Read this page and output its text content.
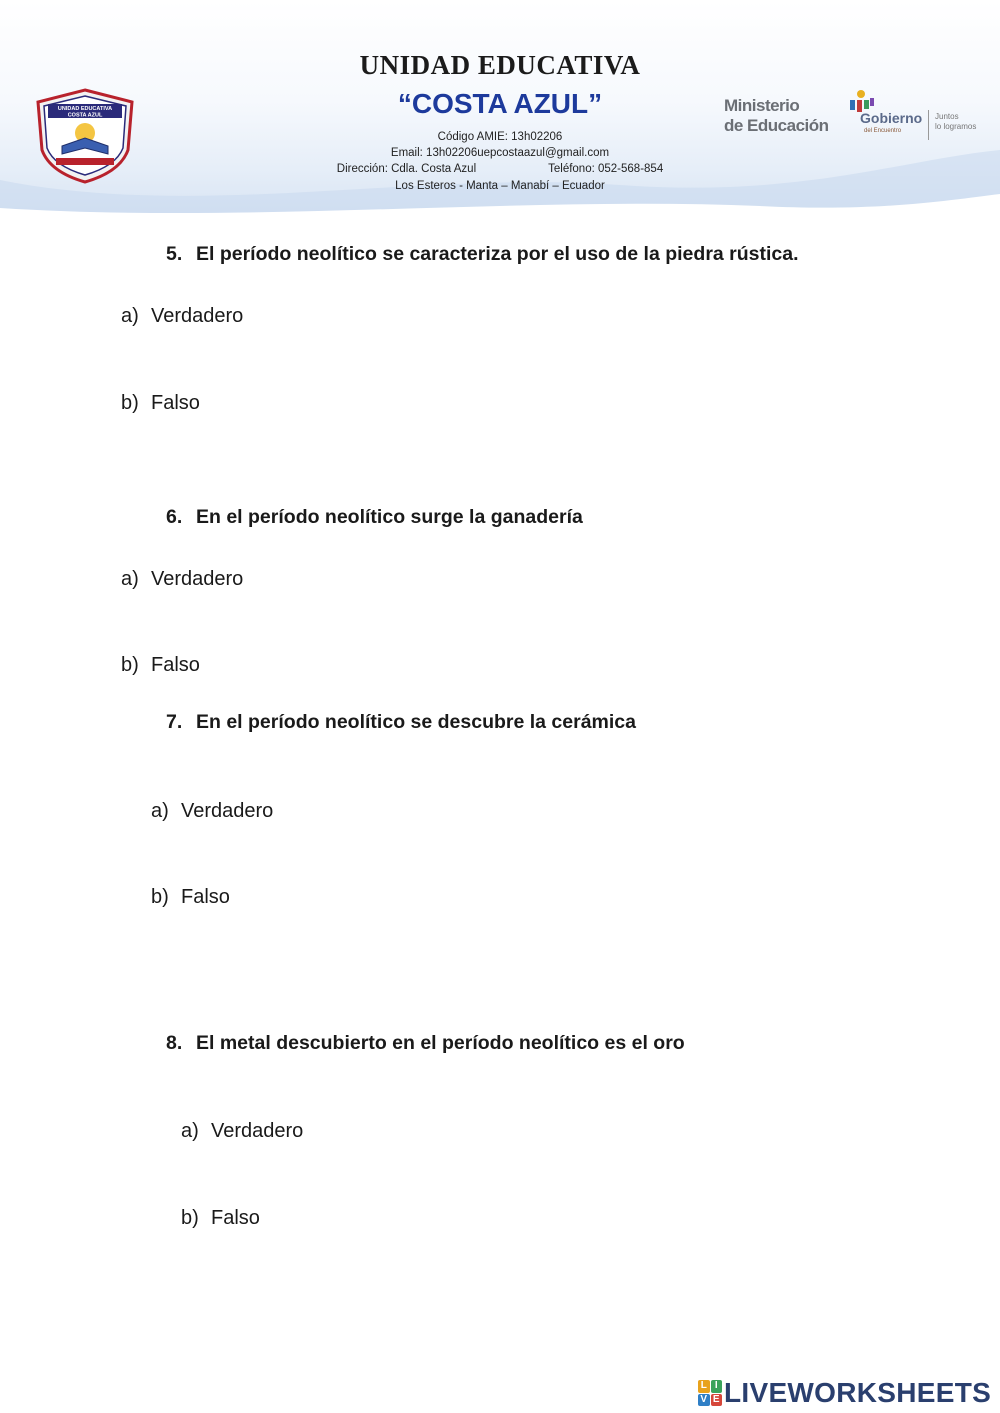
UNIDAD EDUCATIVA
COSTA AZUL
UNIDAD EDUCATIVA
“COSTA AZUL”
Código AMIE: 13h02206
Email: 13h02206uepcostaazul@gmail.com
Dirección: Cdla. Costa Azul	Teléfono: 052-568-854
Los Esteros - Manta – Manabí – Ecuador
Ministerio
de Educación Gobierno
del Encuentro
Juntos
lo logramos
5. El período neolítico se caracteriza por el uso de la piedra rústica.
a) Verdadero
b) Falso
6. En el período neolítico surge la ganadería
a) Verdadero
b) Falso
7. En el período neolítico se descubre la cerámica
a) Verdadero
b) Falso
8. El metal descubierto en el período neolítico es el oro
a) Verdadero
b) Falso
L I
V E LIVEWORKSHEETS
